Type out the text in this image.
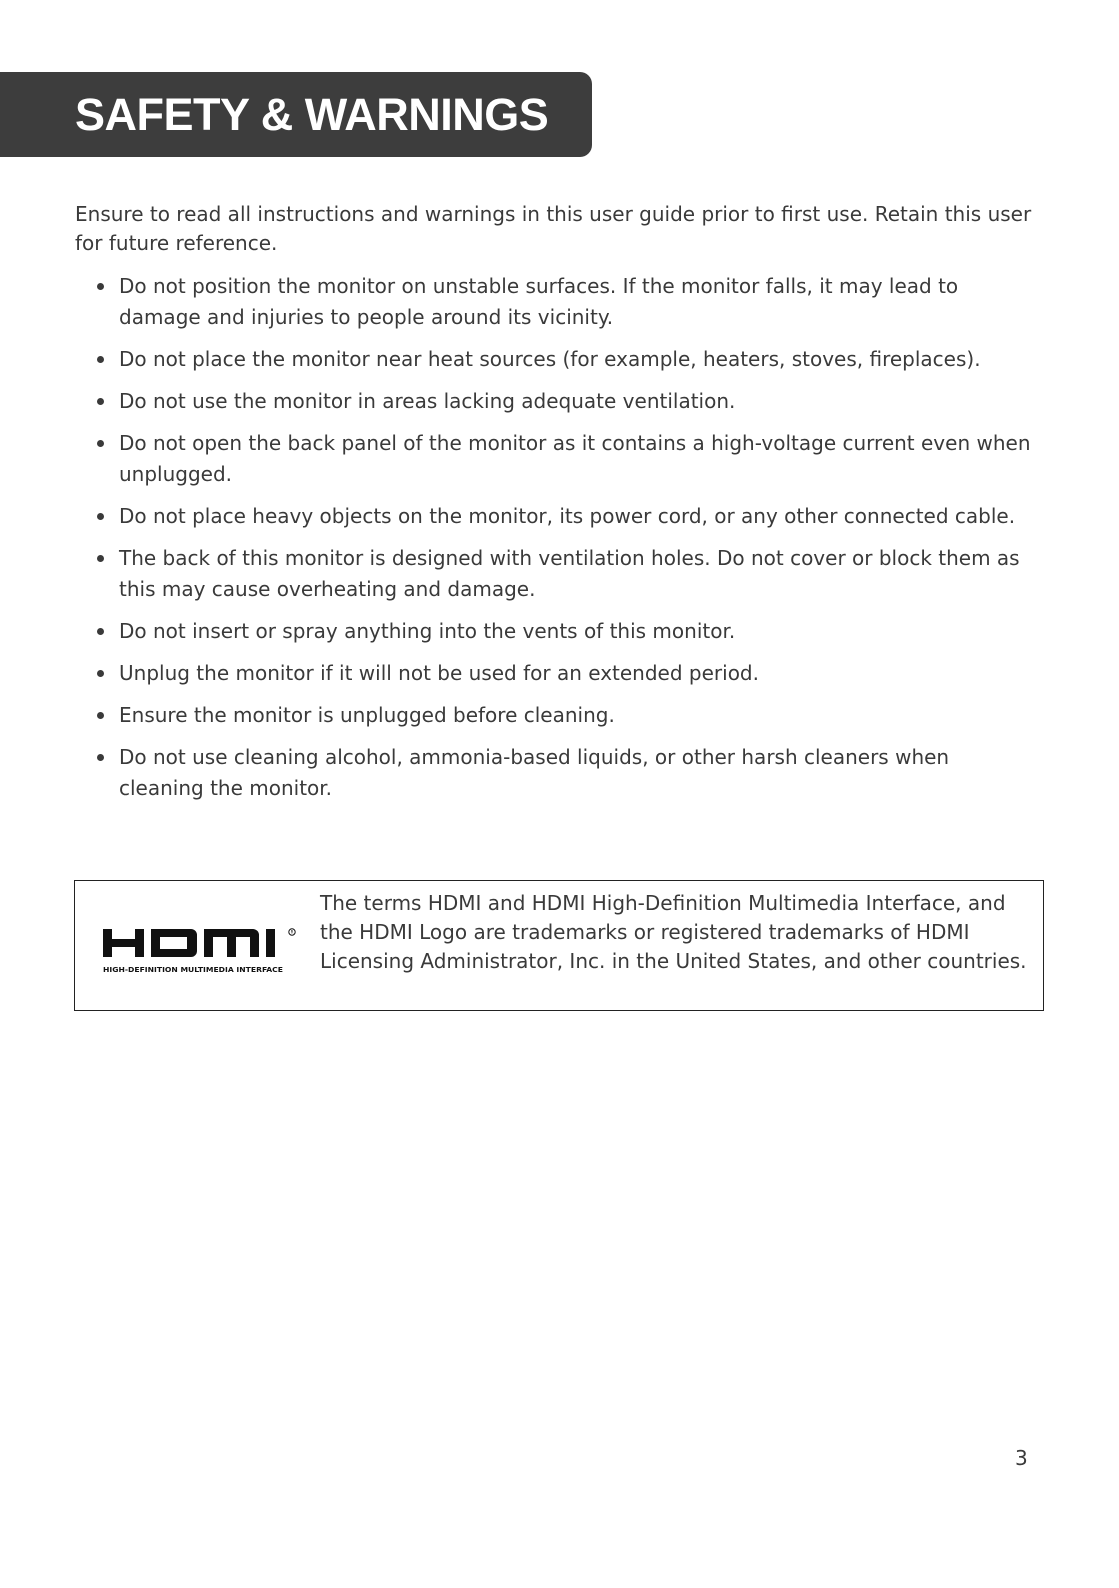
SAFETY & WARNINGS

Ensure to read all instructions and warnings in this user guide prior to first use. Retain this user for future reference.

Do not position the monitor on unstable surfaces. If the monitor falls, it may lead to damage and injuries to people around its vicinity.
Do not place the monitor near heat sources (for example, heaters, stoves, fireplaces).
Do not use the monitor in areas lacking adequate ventilation.
Do not open the back panel of the monitor as it contains a high-voltage current even when unplugged.
Do not place heavy objects on the monitor, its power cord, or any other connected cable.
The back of this monitor is designed with ventilation holes. Do not cover or block them as this may cause overheating and damage.
Do not insert or spray anything into the vents of this monitor.
Unplug the monitor if it will not be used for an extended period.
Ensure the monitor is unplugged before cleaning.
Do not use cleaning alcohol, ammonia-based liquids, or other harsh cleaners when cleaning the monitor.
R
HIGH-DEFINITION MULTIMEDIA INTERFACE

The terms HDMI and HDMI High-Definition Multimedia Interface, and the HDMI Logo are trademarks or registered trademarks of HDMI Licensing Administrator, Inc. in the United States, and other countries.

3
